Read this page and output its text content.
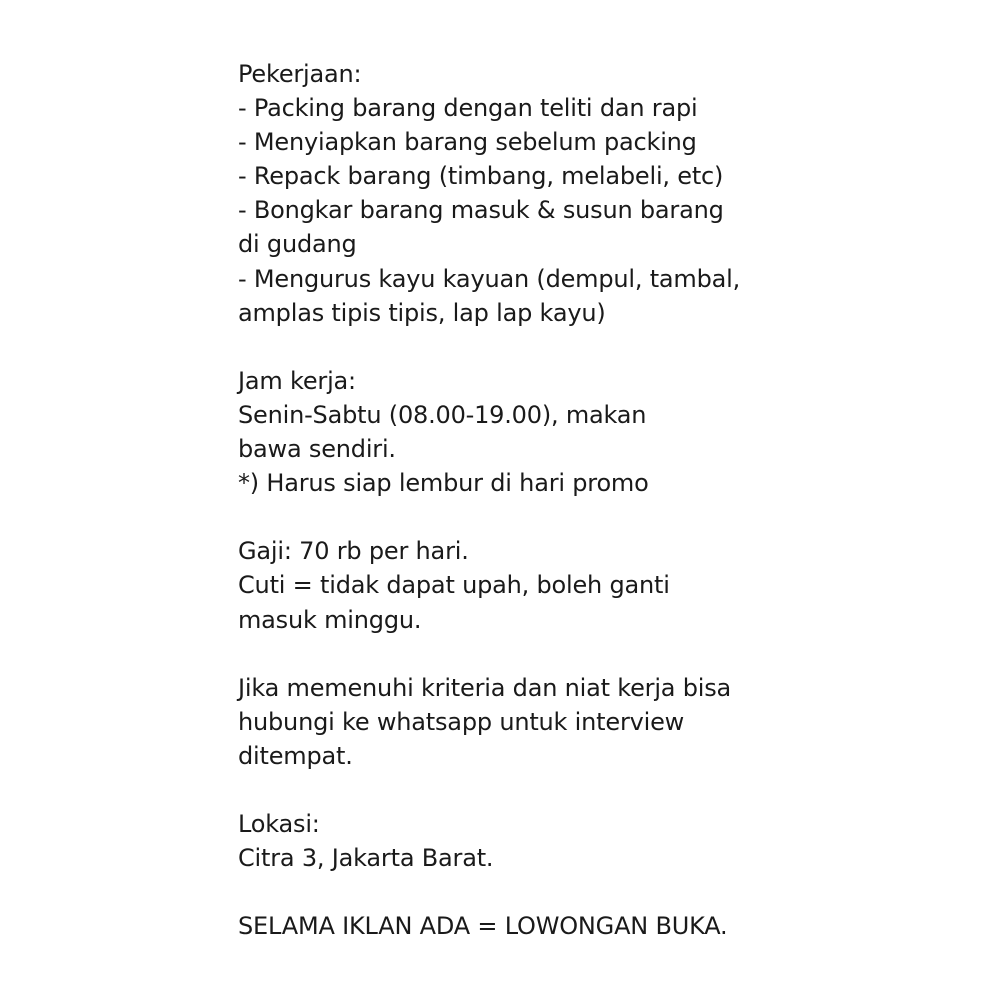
Pekerjaan:
- Packing barang dengan teliti dan rapi
- Menyiapkan barang sebelum packing
- Repack barang (timbang, melabeli, etc)
- Bongkar barang masuk & susun barang
di gudang
- Mengurus kayu kayuan (dempul, tambal,
amplas tipis tipis, lap lap kayu)
Jam kerja:
Senin-Sabtu (08.00-19.00), makan
bawa sendiri.
*) Harus siap lembur di hari promo
Gaji: 70 rb per hari.
Cuti = tidak dapat upah, boleh ganti
masuk minggu.
Jika memenuhi kriteria dan niat kerja bisa
hubungi ke whatsapp untuk interview
ditempat.
Lokasi:
Citra 3, Jakarta Barat.
SELAMA IKLAN ADA = LOWONGAN BUKA.
